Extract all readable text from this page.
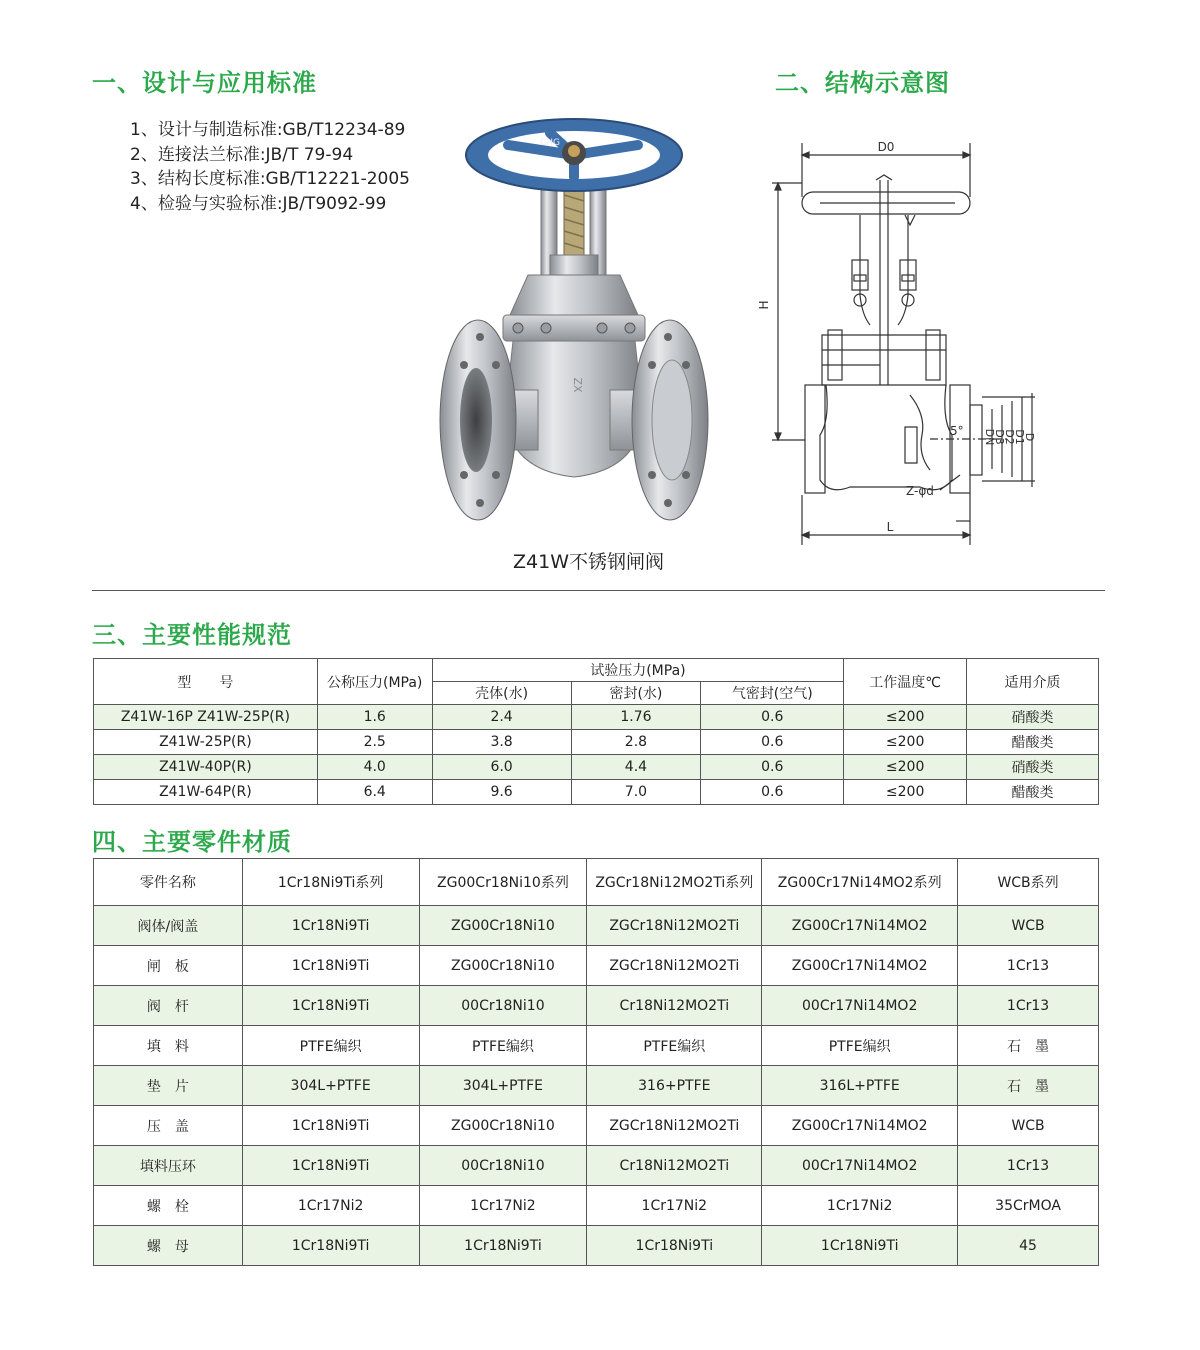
一、设计与应用标准	二、结构示意图
三、主要性能规范
四、主要零件材质
1、设计与制造标准:GB/T12234-89
2、连接法兰标准:JB/T 79-94
3、结构长度标准:GB/T12221-2005
4、检验与实验标准:JB/T9092-99
ZX
CHG
Z41W不锈钢闸阀
D0
H
5° DN
D3
D2
D1
D
Z-φd
L
型　　号	公称压力(MPa)	试验压力(MPa)			工作温度℃	适用介质
		壳体(水)	密封(水)	气密封(空气)		
Z41W-16P Z41W-25P(R)	1.6	2.4	1.76	0.6	≤200	硝酸类
Z41W-25P(R)	2.5	3.8	2.8	0.6	≤200	醋酸类
Z41W-40P(R)	4.0	6.0	4.4	0.6	≤200	硝酸类
Z41W-64P(R)	6.4	9.6	7.0	0.6	≤200	醋酸类
零件名称	1Cr18Ni9Ti系列	ZG00Cr18Ni10系列	ZGCr18Ni12MO2Ti系列	ZG00Cr17Ni14MO2系列	WCB系列
阀体/阀盖	1Cr18Ni9Ti	ZG00Cr18Ni10	ZGCr18Ni12MO2Ti	ZG00Cr17Ni14MO2	WCB
闸　板	1Cr18Ni9Ti	ZG00Cr18Ni10	ZGCr18Ni12MO2Ti	ZG00Cr17Ni14MO2	1Cr13
阀　杆	1Cr18Ni9Ti	00Cr18Ni10	Cr18Ni12MO2Ti	00Cr17Ni14MO2	1Cr13
填　料	PTFE编织	PTFE编织	PTFE编织	PTFE编织	石　墨
垫　片	304L+PTFE	304L+PTFE	316+PTFE	316L+PTFE	石　墨
压　盖	1Cr18Ni9Ti	ZG00Cr18Ni10	ZGCr18Ni12MO2Ti	ZG00Cr17Ni14MO2	WCB
填料压环	1Cr18Ni9Ti	00Cr18Ni10	Cr18Ni12MO2Ti	00Cr17Ni14MO2	1Cr13
螺　栓	1Cr17Ni2	1Cr17Ni2	1Cr17Ni2	1Cr17Ni2	35CrMOA
螺　母	1Cr18Ni9Ti	1Cr18Ni9Ti	1Cr18Ni9Ti	1Cr18Ni9Ti	45
